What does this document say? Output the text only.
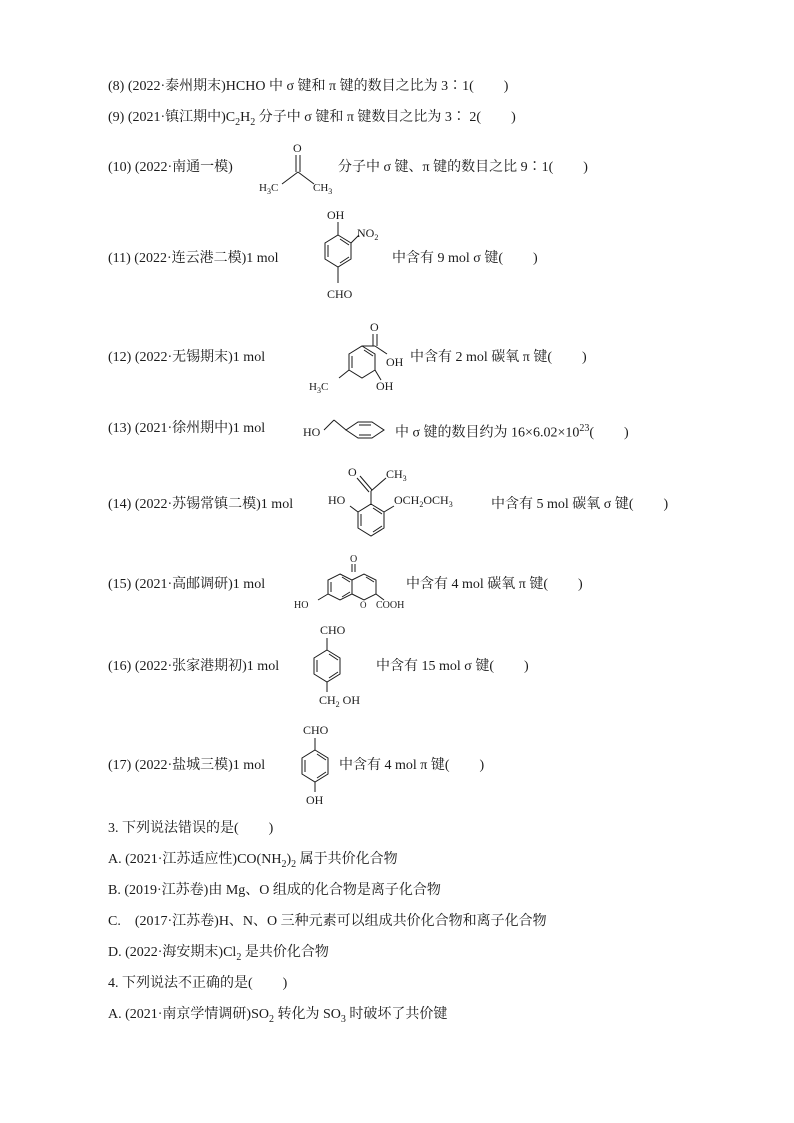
(8) (2022·泰州期末)HCHO 中 σ 键和 π 键的数目之比为 3∶1( )
(9) (2021·镇江期中)$C_2H_2$ 分子中 σ 键和 π 键数目之比为 3∶ 2( )
(10) (2022·南通一模)
O
$H_3C$	$CH_3$
分子中 σ 键、π 键的数目之比 9∶1( )
(11) (2022·连云港二模)1 mol
OH
$NO_2$
CHO
中含有 9 mol σ 键( )
(12) (2022·无锡期末)1 mol
O
OH
OH
$H_3C$
中含有 2 mol 碳氧 π 键( )
(13) (2021·徐州期中)1 mol	HO	中 σ 键的数目约为 $16\times 6.02\times 10^{23}$( )
(14) (2022·苏锡常镇二模)1 mol
O $CH_3$
HO	$OCH_2OCH_3$	中含有 5 mol 碳氧 σ 键( )
(15) (2021·高邮调研)1 mol
O
O COOH
HO
中含有 4 mol 碳氧 π 键( )
(16) (2022·张家港期初)1 mol
CHO
$CH_2$ OH
中含有 15 mol σ 键( )
(17) (2022·盐城三模)1 mol
CHO
OH
中含有 4 mol π 键( )
3. 下列说法错误的是( )
A. (2021·江苏适应性)$CO(NH_2)_2$ 属于共价化合物
B. (2019·江苏卷)由 Mg、O 组成的化合物是离子化合物
C.　(2017·江苏卷)H、N、O 三种元素可以组成共价化合物和离子化合物
D. (2022·海安期末)$Cl_2$ 是共价化合物
4. 下列说法不正确的是( )
A. (2021·南京学情调研)$SO_2$ 转化为 $SO_3$ 时破坏了共价键
